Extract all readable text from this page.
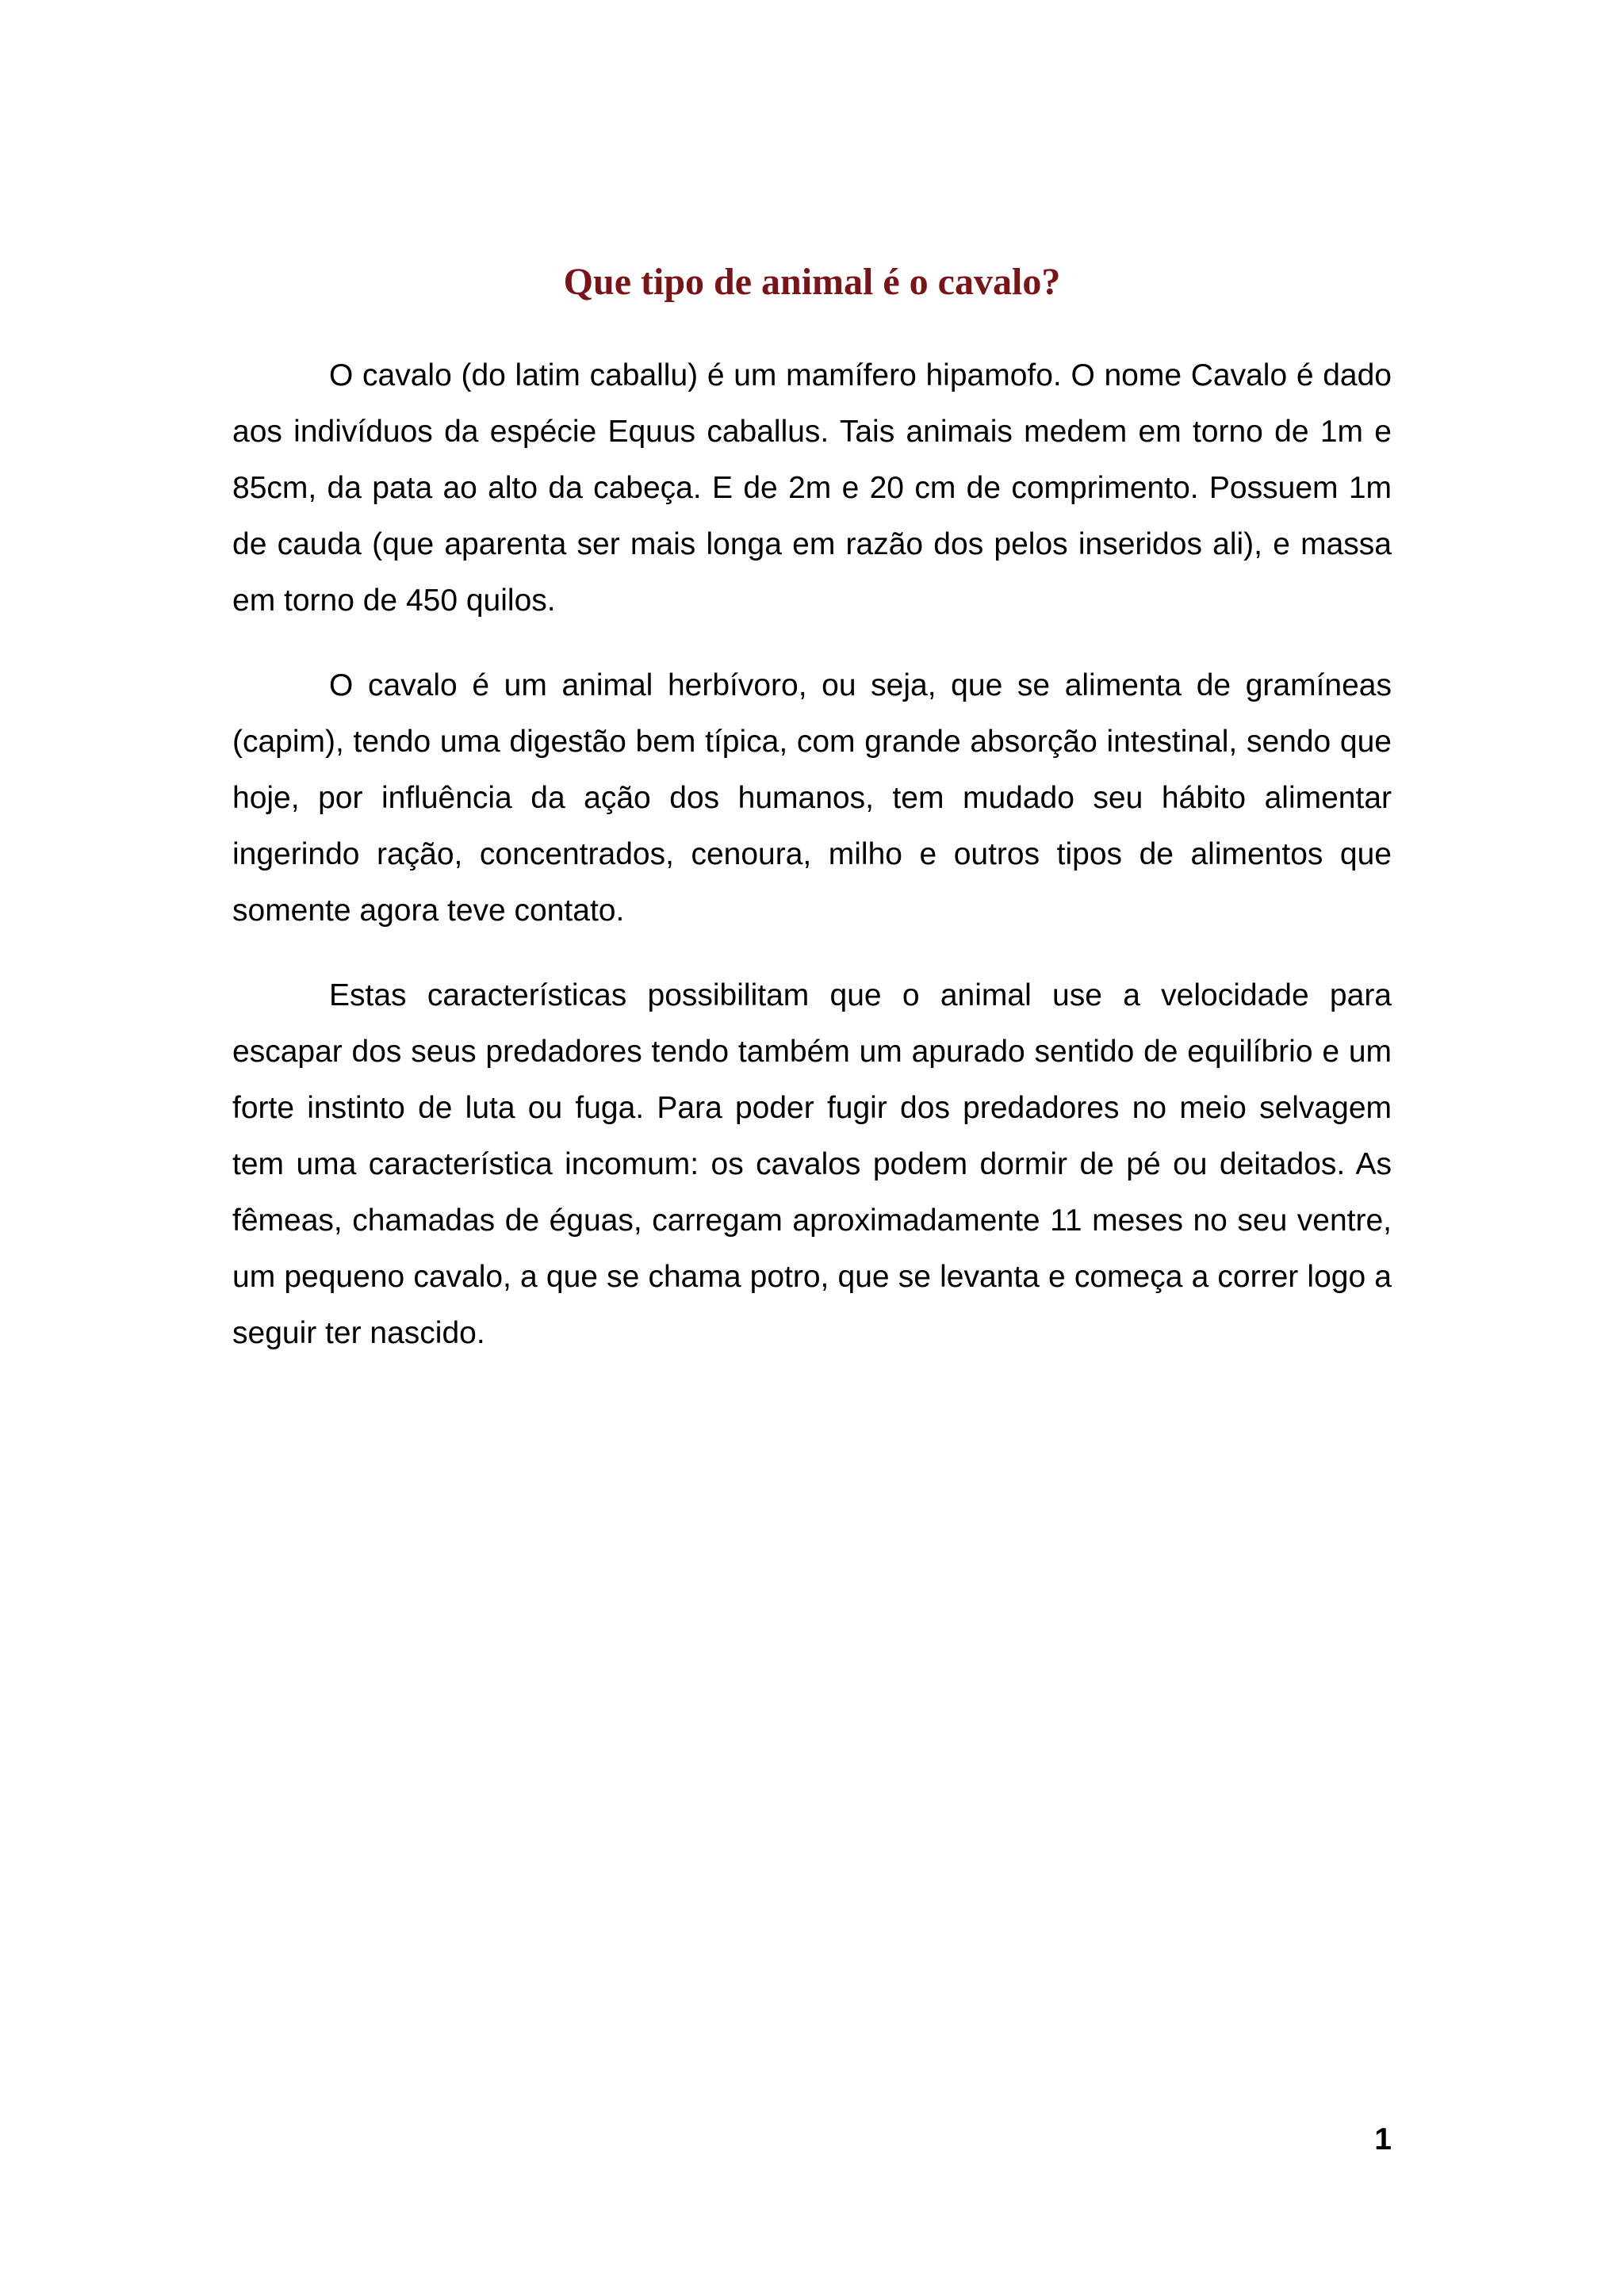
Que tipo de animal é o cavalo?

O cavalo (do latim caballu) é um mamífero hipamofo. O nome Cavalo é dado aos indivíduos da espécie Equus caballus. Tais animais medem em torno de 1m e 85cm, da pata ao alto da cabeça. E de 2m e 20 cm de comprimento. Possuem 1m de cauda (que aparenta ser mais longa em razão dos pelos inseridos ali), e massa em torno de 450 quilos.

O cavalo é um animal herbívoro, ou seja, que se alimenta de gramíneas (capim), tendo uma digestão bem típica, com grande absorção intestinal, sendo que hoje, por influência da ação dos humanos, tem mudado seu hábito alimentar ingerindo ração, concentrados, cenoura, milho e outros tipos de alimentos que somente agora teve contato.

Estas características possibilitam que o animal use a velocidade para escapar dos seus predadores tendo também um apurado sentido de equilíbrio e um forte instinto de luta ou fuga. Para poder fugir dos predadores no meio selvagem tem uma característica incomum: os cavalos podem dormir de pé ou deitados. As fêmeas, chamadas de éguas, carregam aproximadamente 11 meses no seu ventre, um pequeno cavalo, a que se chama potro, que se levanta e começa a correr logo a seguir ter nascido.

1
